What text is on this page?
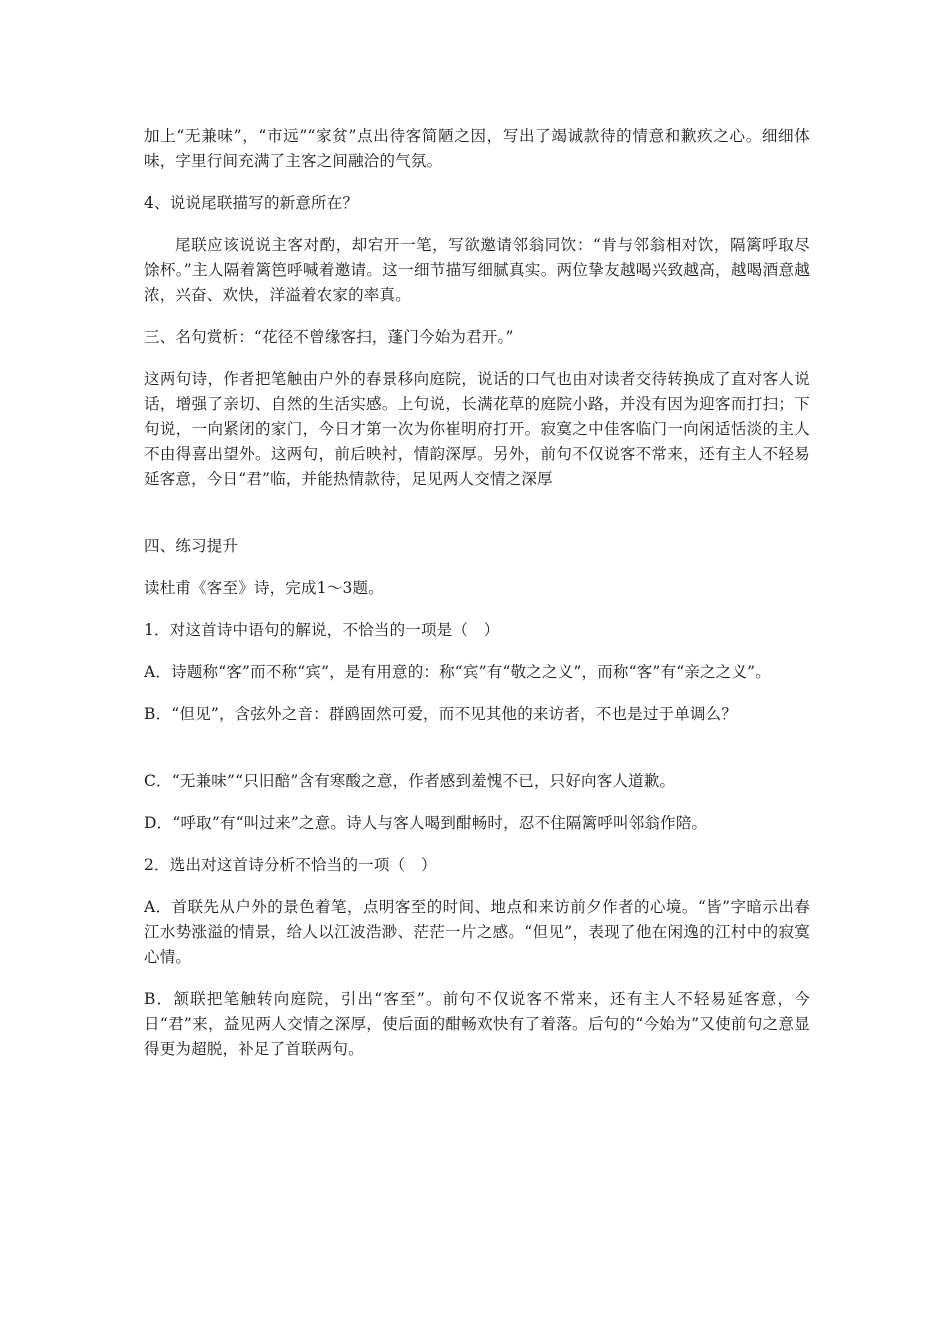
加上“无兼味”，“市远”“家贫”点出待客简陋之因，写出了竭诚款待的情意和歉疚之心。细细体味，字里行间充满了主客之间融洽的气氛。

4、说说尾联描写的新意所在？

尾联应该说说主客对酌，却宕开一笔，写欲邀请邻翁同饮：“肯与邻翁相对饮，隔篱呼取尽馀杯。”主人隔着篱笆呼喊着邀请。这一细节描写细腻真实。两位挚友越喝兴致越高，越喝酒意越浓，兴奋、欢快，洋溢着农家的率真。

三、名句赏析：“花径不曾缘客扫，蓬门今始为君开。”

这两句诗，作者把笔触由户外的春景移向庭院，说话的口气也由对读者交待转换成了直对客人说话，增强了亲切、自然的生活实感。上句说，长满花草的庭院小路，并没有因为迎客而打扫；下句说，一向紧闭的家门，今日才第一次为你崔明府打开。寂寞之中佳客临门一向闲适恬淡的主人不由得喜出望外。这两句，前后映衬，情韵深厚。另外，前句不仅说客不常来，还有主人不轻易延客意，今日“君”临，并能热情款待，足见两人交情之深厚

四、练习提升

读杜甫《客至》诗，完成1～3题。

1．对这首诗中语句的解说，不恰当的一项是（　）

A．诗题称“客”而不称“宾”，是有用意的：称“宾”有“敬之之义”，而称“客”有“亲之之义”。

B．“但见”，含弦外之音：群鸥固然可爱，而不见其他的来访者，不也是过于单调么？

C．“无兼味”“只旧醅”含有寒酸之意，作者感到羞愧不已，只好向客人道歉。

D．“呼取”有“叫过来”之意。诗人与客人喝到酣畅时，忍不住隔篱呼叫邻翁作陪。

2．选出对这首诗分析不恰当的一项（　）

A．首联先从户外的景色着笔，点明客至的时间、地点和来访前夕作者的心境。“皆”字暗示出春江水势涨溢的情景，给人以江波浩渺、茫茫一片之感。“但见”，表现了他在闲逸的江村中的寂寞心情。

B．颔联把笔触转向庭院，引出“客至”。前句不仅说客不常来，还有主人不轻易延客意，今日“君”来，益见两人交情之深厚，使后面的酣畅欢快有了着落。后句的“今始为”又使前句之意显得更为超脱，补足了首联两句。
